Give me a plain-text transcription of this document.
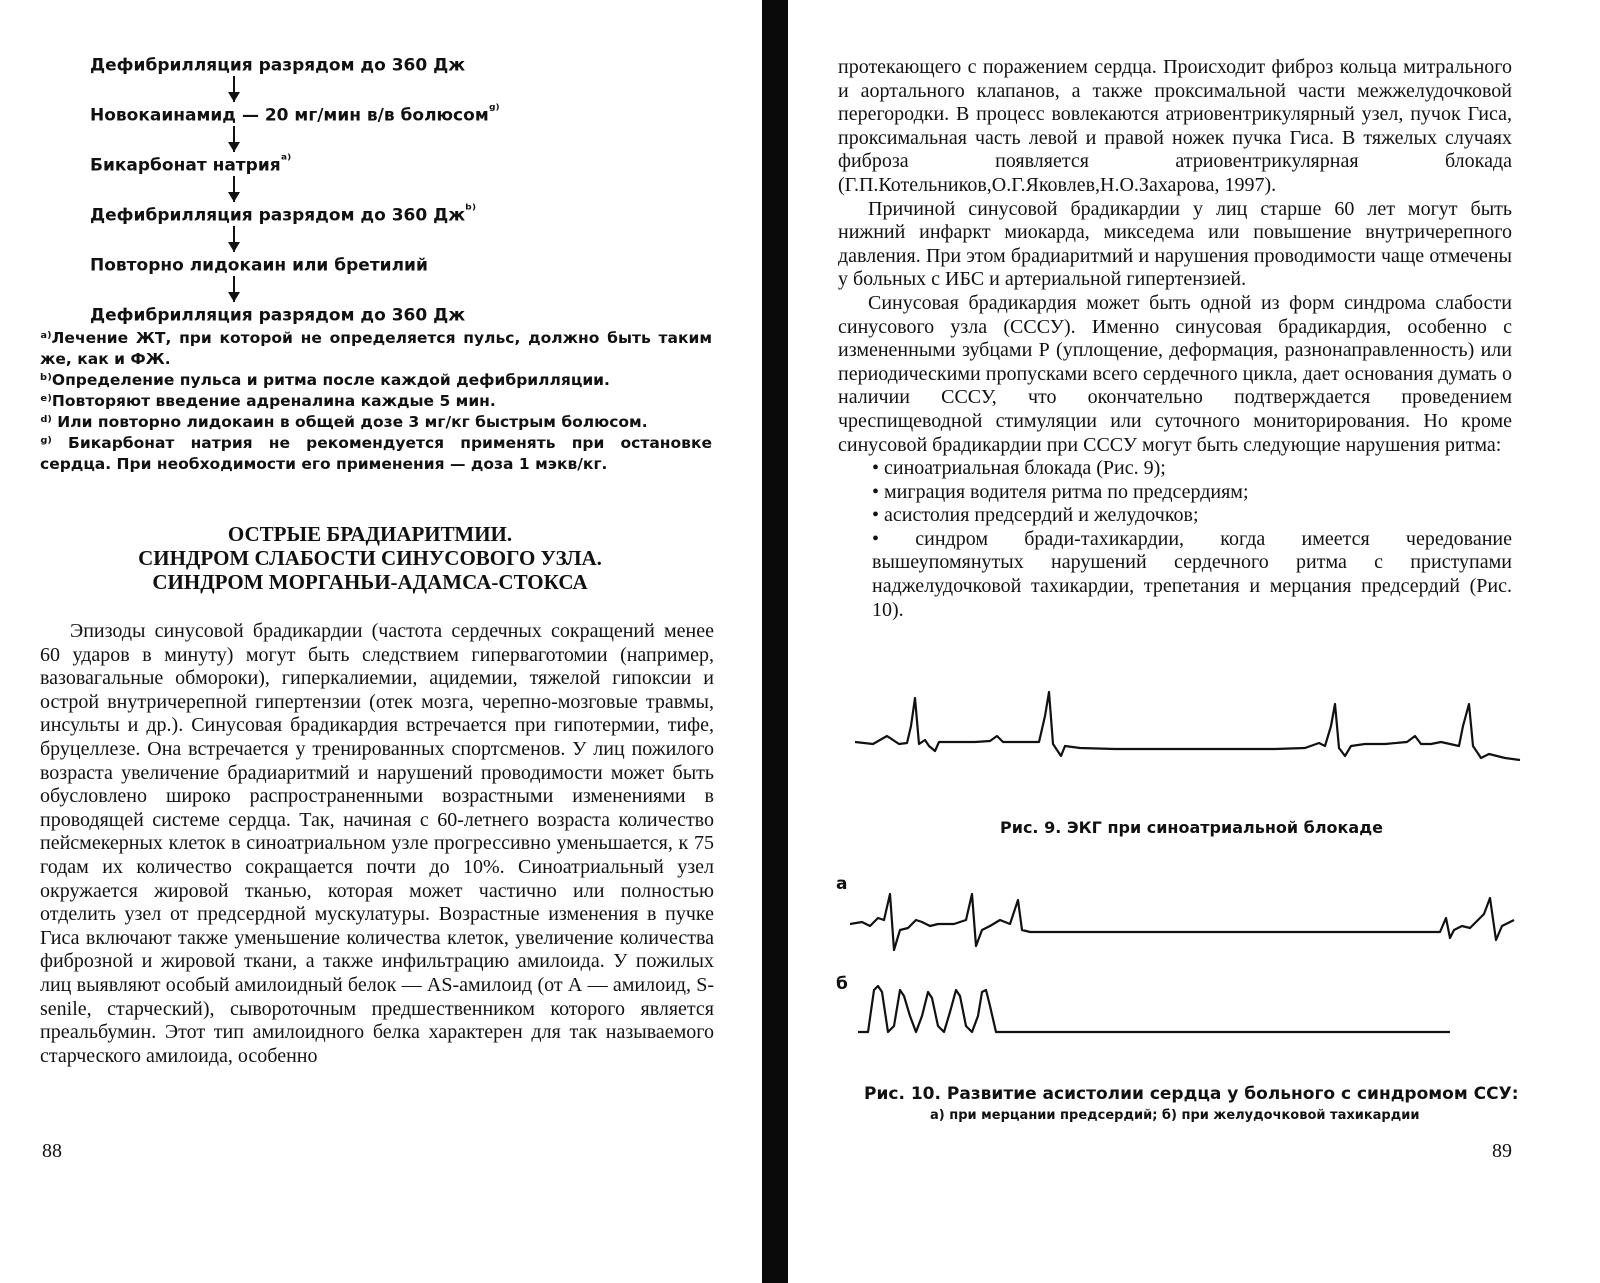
Дефибрилляция разрядом до 360 Дж
Новокаинамид — 20 мг/мин в/в болюсом$^{ᵍ^)}$
Бикарбонат натрия$^{ᵃ^)}$
Дефибрилляция разрядом до 360 $Дж^{ᵇ^)}$
Повторно лидокаин или бретилий
Дефибрилляция разрядом до 360 Дж

ᵃ⁾Лечение ЖТ, при которой не определяется пульс, должно быть таким же, как и ФЖ.

ᵇ⁾Определение пульса и ритма после каждой дефибрилляции.

ᵉ⁾Повторяют введение адреналина каждые 5 мин.

ᵈ⁾ Или повторно лидокаин в общей дозе 3 мг/кг быстрым болюсом.

ᵍ⁾ Бикарбонат натрия не рекомендуется применять при остановке сердца. При необходимости его применения — доза 1 мэкв/кг.

ОСТРЫЕ БРАДИАРИТМИИ.
СИНДРОМ СЛАБОСТИ СИНУСОВОГО УЗЛА.
СИНДРОМ МОРГАНЬИ-АДАМСА-СТОКСА

Эпизоды синусовой брадикардии (частота сердечных сокращений менее 60 ударов в минуту) могут быть следствием гиперваготомии (например, вазовагальные обмороки), гиперкалиемии, ацидемии, тяжелой гипоксии и острой внутричерепной гипертензии (отек мозга, черепно-мозговые травмы, инсульты и др.). Синусовая брадикардия встречается при гипотермии, тифе, бруцеллезе. Она встречается у тренированных спортсменов. У лиц пожилого возраста увеличение брадиаритмий и нарушений проводимости может быть обусловлено широко распространенными возрастными изменениями в проводящей системе сердца. Так, начиная с 60-летнего возраста количество пейсмекерных клеток в синоатриальном узле прогрессивно уменьшается, к 75 годам их количество сокращается почти до 10%. Синоатриальный узел окружается жировой тканью, которая может частично или полностью отделить узел от предсердной мускулатуры. Возрастные изменения в пучке Гиса включают также уменьшение количества клеток, увеличение количества фиброзной и жировой ткани, а также инфильтрацию амилоида. У пожилых лиц выявляют особый амилоидный белок — AS-амилоид (от А — амилоид, S-senile, старческий), сывороточным предшественником которого является преальбумин. Этот тип амилоидного белка характерен для так называемого старческого амилоида, особенно

88

протекающего с поражением сердца. Происходит фиброз кольца митрального и аортального клапанов, а также проксимальной части межжелудочковой перегородки. В процесс вовлекаются атриовентрикулярный узел, пучок Гиса, проксимальная часть левой и правой ножек пучка Гиса. В тяжелых случаях фиброза появляется атриовентрикулярная блокада (Г.П.Котельников,О.Г.Яковлев,Н.О.Захарова, 1997).

Причиной синусовой брадикардии у лиц старше 60 лет могут быть нижний инфаркт миокарда, микседема или повышение внутричерепного давления. При этом брадиаритмий и нарушения проводимости чаще отмечены у больных с ИБС и артериальной гипертензией.

Синусовая брадикардия может быть одной из форм синдрома слабости синусового узла (СССУ). Именно синусовая брадикардия, особенно с измененными зубцами Р (уплощение, деформация, разнонаправленность) или периодическими пропусками всего сердечного цикла, дает основания думать о наличии СССУ, что окончательно подтверждается проведением чреспищеводной стимуляции или суточного мониторирования. Но кроме синусовой брадикардии при СССУ могут быть следующие нарушения ритма:

• синоатриальная блокада (Рис. 9);

• миграция водителя ритма по предсердиям;

• асистолия предсердий и желудочков;

• синдром бради-тахикардии, когда имеется чередование вышеупомянутых нарушений сердечного ритма с приступами наджелудочковой тахикардии, трепетания и мерцания предсердий (Рис. 10).

Рис. 9. ЭКГ при синоатриальной блокаде
а
б
Рис. 10. Развитие асистолии сердца у больного с синдромом ССУ:
а) при мерцании предсердий; б) при желудочковой тахикардии
89
